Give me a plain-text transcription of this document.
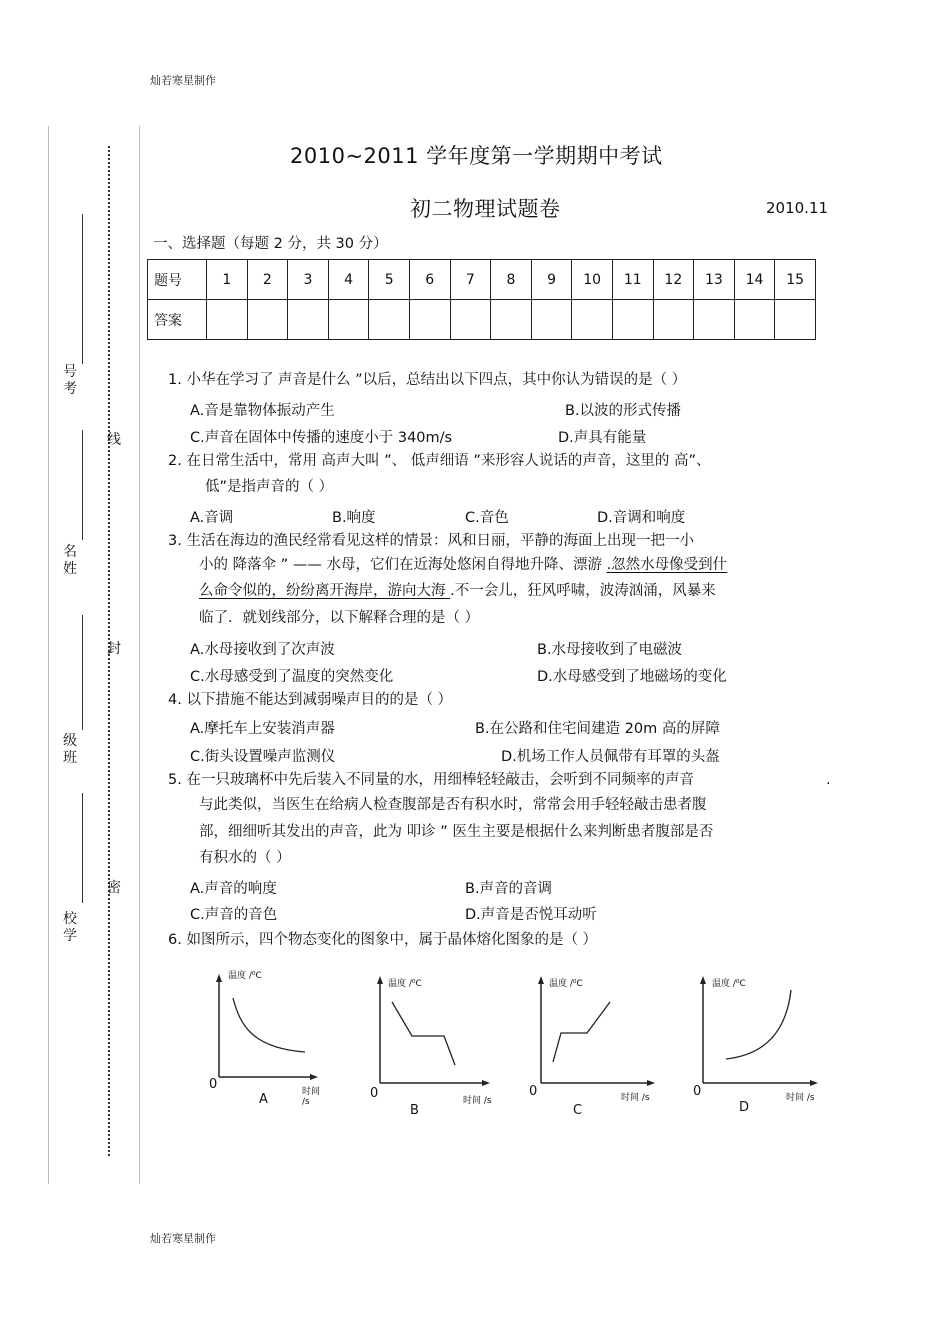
灿若寒星制作
灿若寒星制作
号考
名姓
级班
校学
线
封
密
2010~2011 学年度第一学期期中考试
初二物理试题卷	2010.11
一、选择题（每题 2 分，共 30 分）
题号	1	2	3	4	5	6	7	8	9	10	11	12	13	14	15
答案															
1. 小华在学习了 声音是什么 ”以后，总结出以下四点，其中你认为错误的是（ ）
A.音是靠物体振动产生	B.以波的形式传播
C.声音在固体中传播的速度小于 340m/s	D.声具有能量
2. 在日常生活中，常用 高声大叫 ”、 低声细语 ”来形容人说话的声音，这里的 高”、
低”是指声音的（ ）
A.音调	B.响度	C.音色	D.音调和响度
3. 生活在海边的渔民经常看见这样的情景：风和日丽，平静的海面上出现一把一小
小的 降落伞 ” —— 水母，它们在近海处悠闲自得地升降、漂游 .忽然水母像受到什
么命令似的，纷纷离开海岸，游向大海 .不一会儿，狂风呼啸，波涛汹涌，风暴来
临了．就划线部分，以下解释合理的是（ ）
A.水母接收到了次声波	B.水母接收到了电磁波
C.水母感受到了温度的突然变化	D.水母感受到了地磁场的变化
4. 以下措施不能达到减弱噪声目的的是（ ）
A.摩托车上安装消声器	B.在公路和住宅间建造 20m 高的屏障
C.街头设置噪声监测仪	D.机场工作人员佩带有耳罩的头盔
5. 在一只玻璃杯中先后装入不同量的水，用细棒轻轻敲击，会听到不同频率的声音	.
与此类似，当医生在给病人检查腹部是否有积水时，常常会用手轻轻敲击患者腹
部，细细听其发出的声音，此为 叩诊 ” 医生主要是根据什么来判断患者腹部是否
有积水的（ ）
A.声音的响度	B.声音的音调
C.声音的音色	D.声音是否悦耳动听
6. 如图所示，四个物态变化的图象中，属于晶体熔化图象的是（ ）
温度 /⁰C
0	时间 /s
A
温度 /⁰C
0	时间 /s
B
温度 /⁰C
0	时间 /s
C
温度 /⁰C
0	时间 /s
D
